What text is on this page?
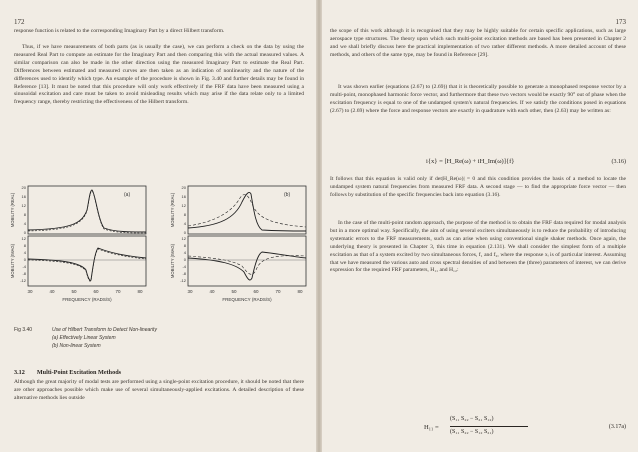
172

response function is related to the corresponding Imaginary Part by a direct Hilbert transform.

Thus, if we have measurements of both parts (as is usually the case), we can perform a check on the data by using the measured Real Part to compute an estimate for the Imaginary Part and then comparing this with the actual measured values. A similar comparison can also be made in the other direction using the measured Imaginary Part to estimate the Real Part. Differences between estimated and measured curves are then taken as an indication of nonlinearity and the nature of the differences used to identify which type. An example of the procedure is shown in Fig. 3.40 and further details may be found in Reference [13]. It must be noted that this procedure will only work effectively if the FRF data have been measured using a sinusoidal excitation and care must be taken to avoid misleading results which may arise if the data relate only to a limited frequency range, thereby restricting the effectiveness of the Hilbert transform.

(a)	(b)
20
16
12
8
4
0
12
8
4
0
-4
-8
-12
20
16
12
8
4
0
12
8
4
0
-4
-8
-12
30	40	50	60	70	80	30	40	50	60	70	80
FREQUENCY (RADS/S)	FREQUENCY (RADS/S)
MOBILITY (REAL)
MOBILITY (IMAG)
MOBILITY (REAL)
MOBILITY (IMAG)
Fig 3.40	Use of Hilbert Transform to Detect Non-linearity
(a) Effectively Linear System
(b) Non-linear System
3.12 Multi-Point Excitation Methods

Although the great majority of modal tests are performed using a single-point excitation procedure, it should be noted that there are other approaches possible which make use of several simultaneously-applied excitations. A detailed description of these alternative methods lies outside

173

the scope of this work although it is recognised that they may be highly suitable for certain specific applications, such as large aerospace type structures. The theory upon which such multi-point excitation methods are based has been presented in Chapter 2 and we shall briefly discuss here the practical implementation of two rather different methods. A more detailed account of these methods, and others of the same type, may be found in Reference [29].

It was shown earlier (equations (2.67) to (2.69)) that it is theoretically possible to generate a monophased response vector by a multi-point, monophased harmonic force vector, and furthermore that these two vectors would be exactly 90° out of phase when the excitation frequency is equal to one of the undamped system's natural frequencies. If we satisfy the conditions posed in equations (2.67) to (2.69) where the force and response vectors are exactly in quadrature with each other, then (2.63) may be written as:

i{x} = [H_Re(ω) + iH_Im(ω)]{f}	(3.16)

It follows that this equation is valid only if det|H_Re(ω)| = 0 and this condition provides the basis of a method to locate the undamped system natural frequencies from measured FRF data. A second stage — to find the appropriate force vector — then follows by substitution of the specific frequencies back into equation (3.16).

In the case of the multi-point random approach, the purpose of the method is to obtain the FRF data required for modal analysis but in a more optimal way. Specifically, the aim of using several exciters simultaneously is to reduce the probability of introducing systematic errors to the FRF measurements, such as can arise when using conventional single shaker methods. Once again, the underlying theory is presented in Chapter 3, this time in equation (2.131). We shall consider the simplest form of a multiple excitation as that of a system excited by two simultaneous forces, f₁ and f₂, where the response xᵢ is of particular interest. Assuming that we have measured the various auto and cross spectral densities of and between the (three) parameters of interest, we can derive expression for the required FRF parameters, H₁₁ and H₁₂:

H₁₁ =
(S₁₁ S₂₂ − S₂₁ S₁₂)
(S₁₁ S₂₂ − S₁₂ S₂₁)
(3.17a)
